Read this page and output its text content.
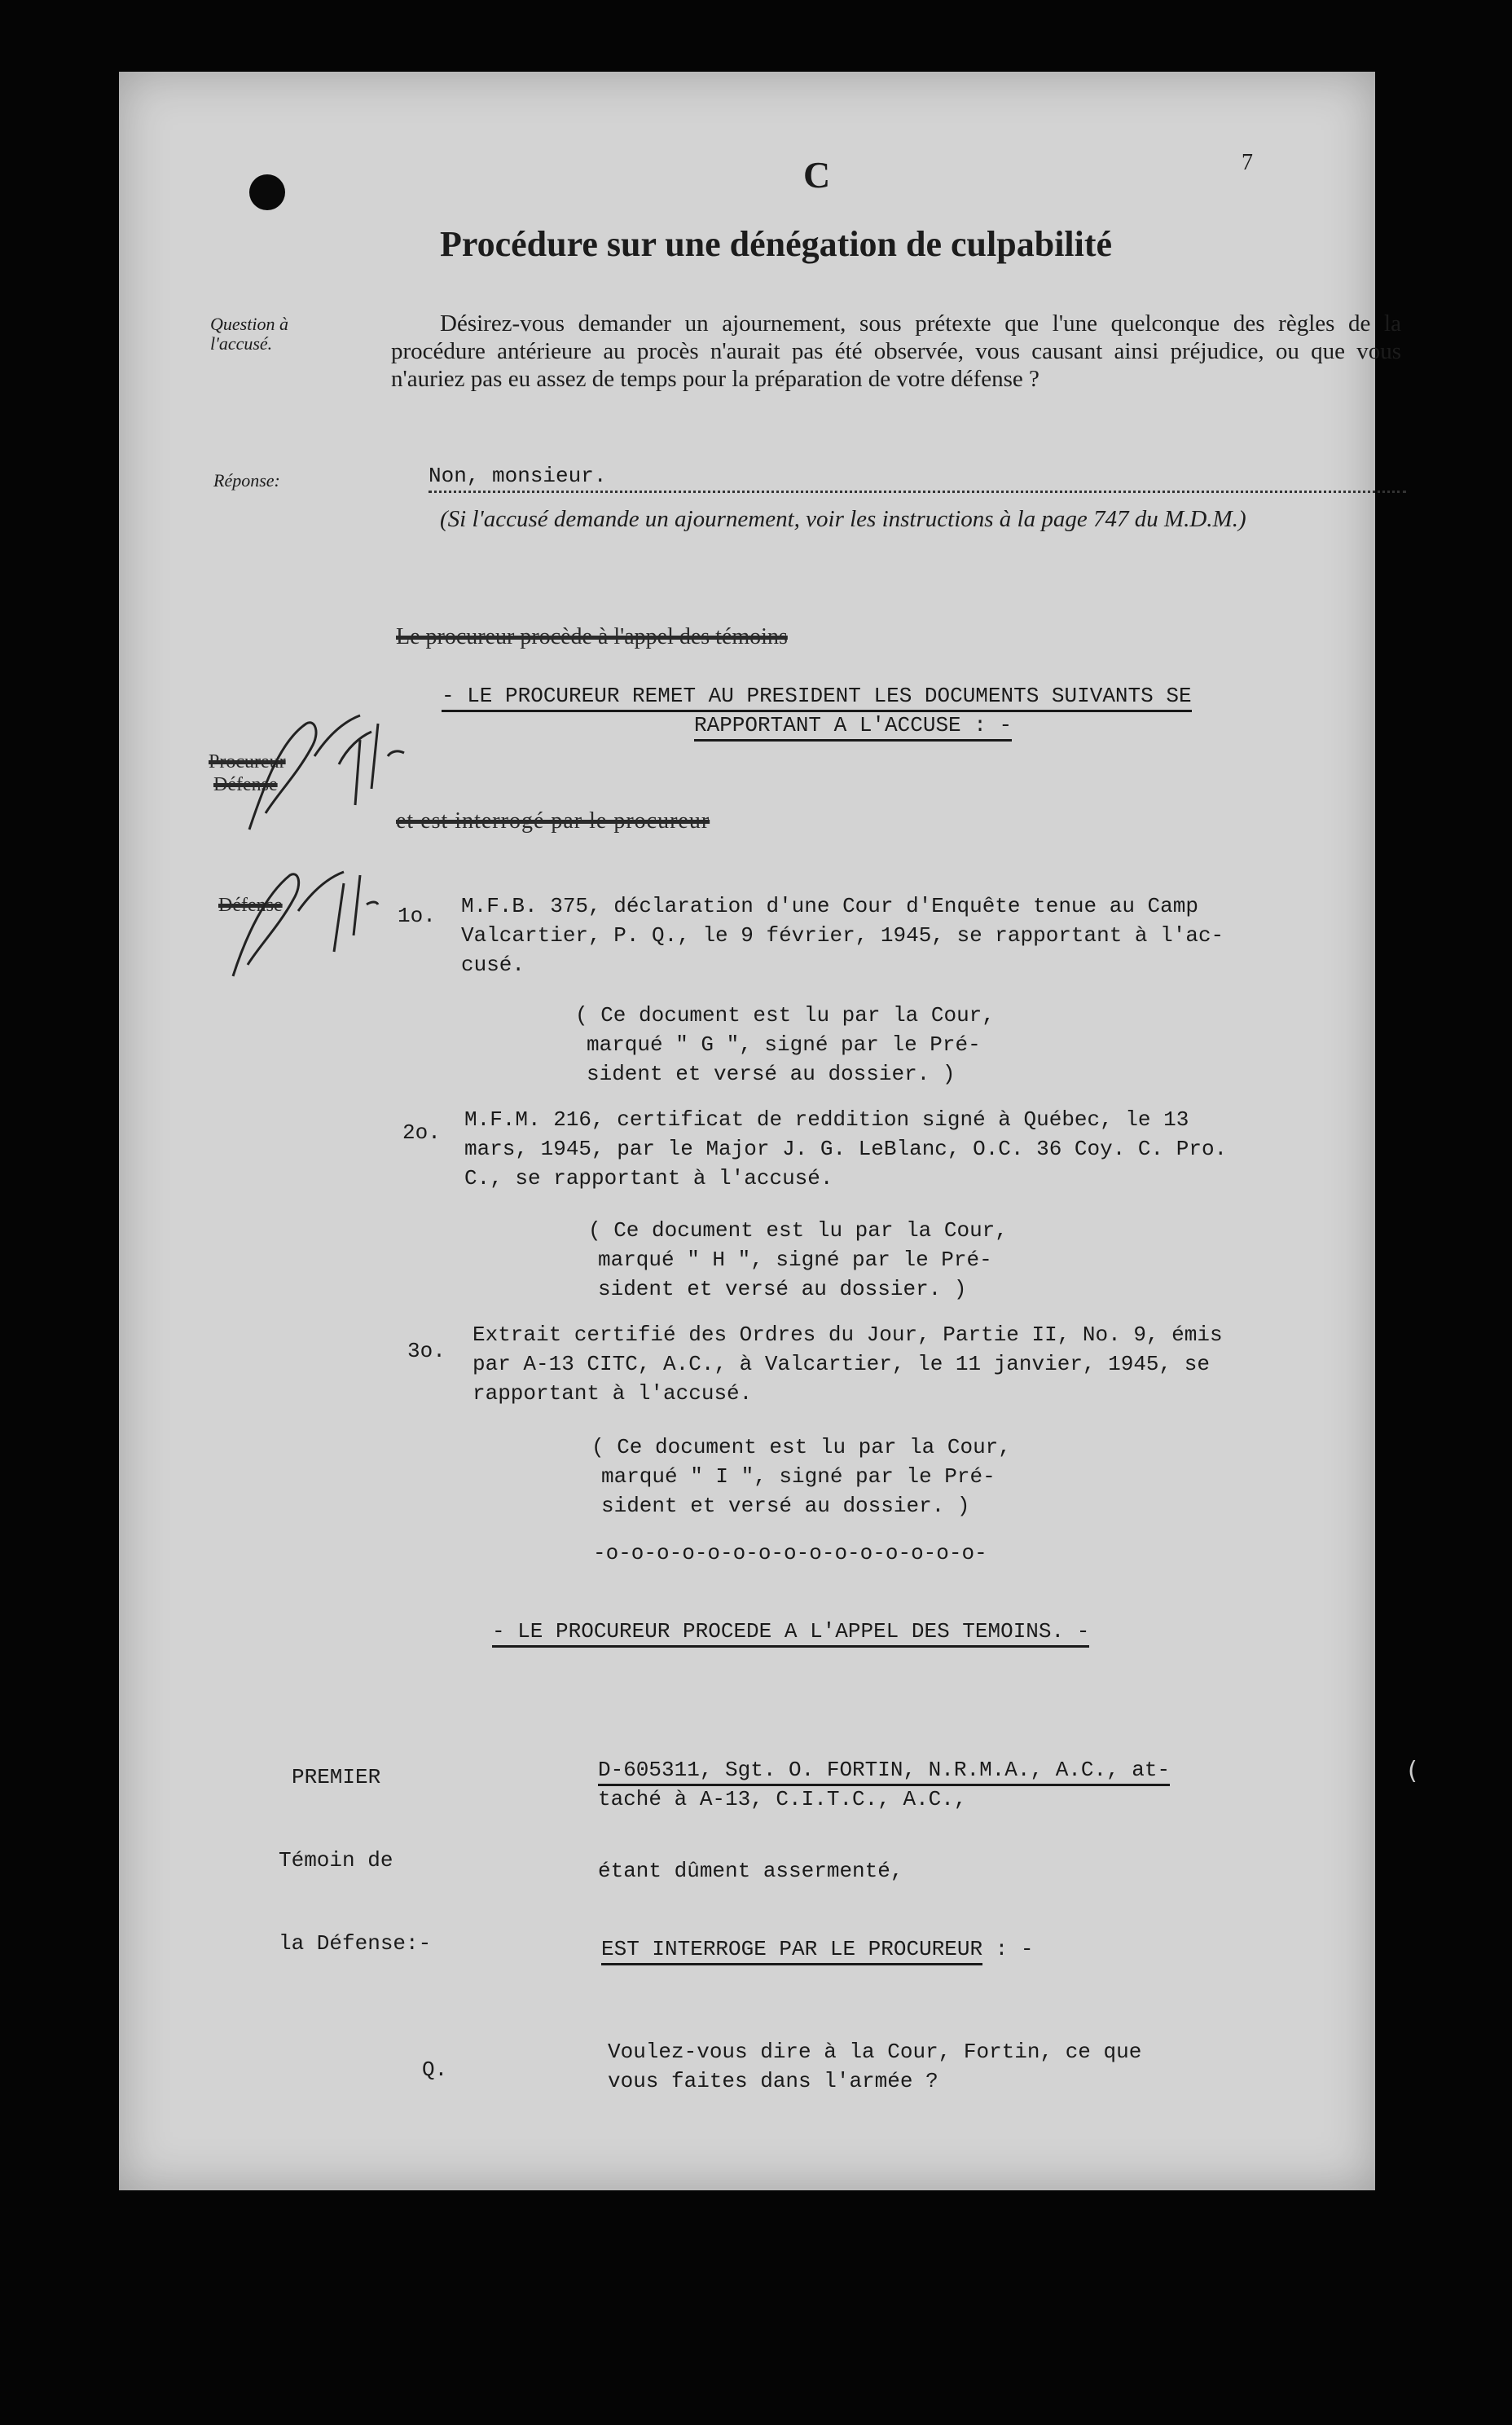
C	7
Procédure sur une dénégation de culpabilité
Question à
l'accusé.
Désirez-vous demander un ajournement, sous prétexte que l'une quelconque des règles de la procédure antérieure au procès n'aurait pas été observée, vous causant ainsi préjudice, ou que vous n'auriez pas eu assez de temps pour la préparation de votre défense ?
Réponse:	Non, monsieur.
(Si l'accusé demande un ajournement, voir les instructions à la page 747 du M.D.M.)
Le procureur procède à l'appel des témoins
Procureur
Défense
et est interrogé par le procureur
Défense
- LE PROCUREUR REMET AU PRESIDENT LES DOCUMENTS SUIVANTS SE
RAPPORTANT A L'ACCUSE : -
1o. M.F.B. 375, déclaration d'une Cour d'Enquête tenue au Camp
Valcartier, P. Q., le 9 février, 1945, se rapportant à l'ac-
cusé.
( Ce document est lu par la Cour,
marqué " G ", signé par le Pré-
sident et versé au dossier. )
2o.
M.F.M. 216, certificat de reddition signé à Québec, le 13
mars, 1945, par le Major J. G. LeBlanc, O.C. 36 Coy. C. Pro.
C., se rapportant à l'accusé.
( Ce document est lu par la Cour,
marqué " H ", signé par le Pré-
sident et versé au dossier. )
3o.
Extrait certifié des Ordres du Jour, Partie II, No. 9, émis
par A-13 CITC, A.C., à Valcartier, le 11 janvier, 1945, se
rapportant à l'accusé.
( Ce document est lu par la Cour,
marqué " I ", signé par le Pré-
sident et versé au dossier. )
-o-o-o-o-o-o-o-o-o-o-o-o-o-o-o-
- LE PROCUREUR PROCEDE A L'APPEL DES TEMOINS. -

PREMIER

Témoin de

la Défense:-

D-605311, Sgt. O. FORTIN, N.R.M.A., A.C., at-
taché à A-13, C.I.T.C., A.C.,
étant dûment assermenté,
EST INTERROGE PAR LE PROCUREUR : -
Q.
Voulez-vous dire à la Cour, Fortin, ce que
vous faites dans l'armée ?
(
